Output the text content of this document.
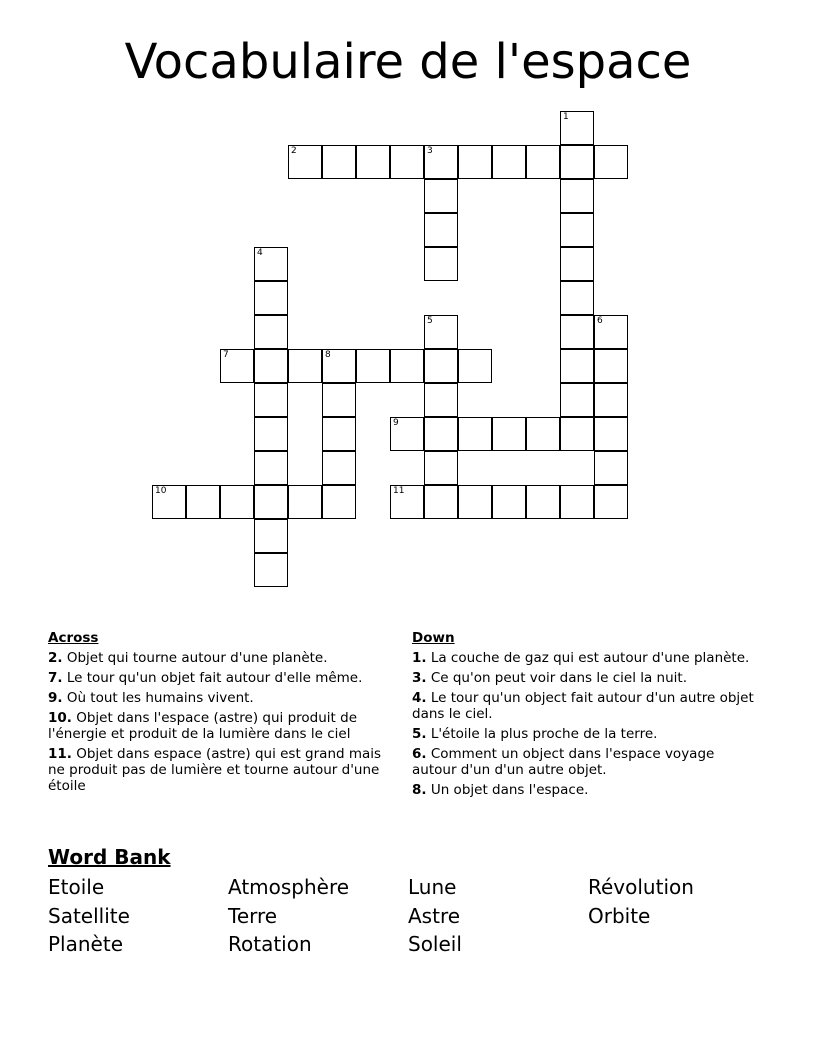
Vocabulaire de l'espace
1
2	3
4
5	6
7	8
9
10	11
Across
2. Objet qui tourne autour d'une planète.
7. Le tour qu'un objet fait autour d'elle même.
9. Où tout les humains vivent.
10. Objet dans l'espace (astre) qui produit de l'énergie et produit de la lumière dans le ciel
11. Objet dans espace (astre) qui est grand mais ne produit pas de lumière et tourne autour d'une étoile
Down
1. La couche de gaz qui est autour d'une planète.
3. Ce qu'on peut voir dans le ciel la nuit.
4. Le tour qu'un object fait autour d'un autre objet dans le ciel.
5. L'étoile la plus proche de la terre.
6. Comment un object dans l'espace voyage autour d'un d'un autre objet.
8. Un objet dans l'espace.
Word Bank
Etoile	Atmosphère	Lune	Révolution
Satellite	Terre	Astre	Orbite
Planète	Rotation	Soleil
